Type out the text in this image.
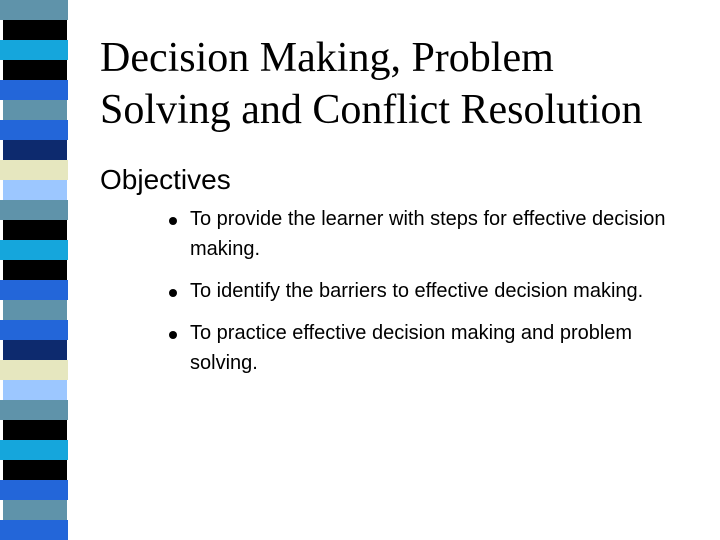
Decision Making, Problem
Solving and Conflict Resolution
Objectives
To provide the learner with steps for effective decision making.
To identify the barriers to effective decision making.
To practice effective decision making and problem solving.
